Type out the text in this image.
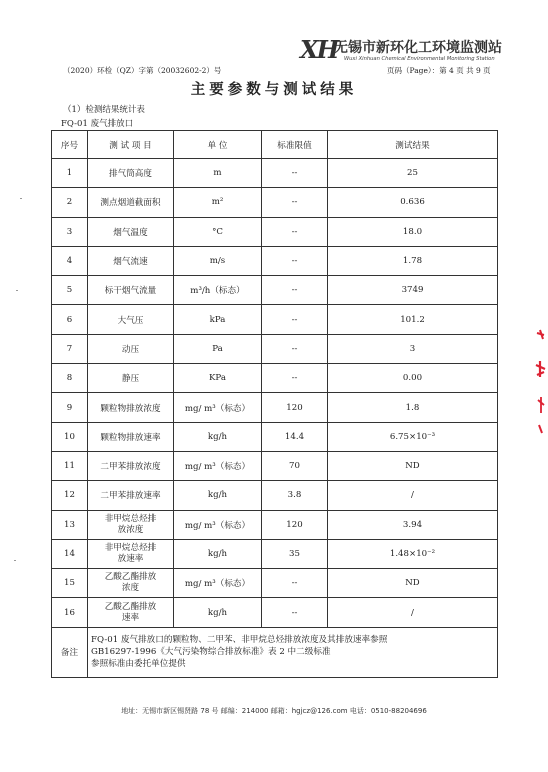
XH
无锡市新环化工环境监测站
Wuxi Xinhuan Chemical Environmental Monitoring Station
（2020）环检（QZ）字第（20032602-2）号	页码（Page）：第 4 页 共 9 页
主要参数与测试结果
（1）检测结果统计表
FQ-01 废气排放口
序号	测 试 项 目	单 位	标准限值	测试结果
1	排气筒高度	m	--	25
2	测点烟道截面积	m²	--	0.636
3	烟气温度	°C	--	18.0
4	烟气流速	m/s	--	1.78
5	标干烟气流量	m³/h（标态）	--	3749
6	大气压	kPa	--	101.2
7	动压	Pa	--	3
8	静压	KPa	--	0.00
9	颗粒物排放浓度	mg/ m³（标态）	120	1.8
10	颗粒物排放速率	kg/h	14.4	6.75×10⁻³
11	二甲苯排放浓度	mg/ m³（标态）	70	ND
12	二甲苯排放速率	kg/h	3.8	/
13	非甲烷总烃排放浓度	mg/ m³（标态）	120	3.94
14	非甲烷总烃排放速率	kg/h	35	1.48×10⁻²
15	乙酸乙酯排放浓度	mg/ m³（标态）	--	ND
16	乙酸乙酯排放速率	kg/h	--	/
备注	FQ-01 废气排放口的颗粒物、二甲苯、非甲烷总烃排放浓度及其排放速率参照
GB16297-1996《大气污染物综合排放标准》表 2 中二级标准
参照标准由委托单位提供			
地址：无锡市新区锡贤路 78 号 邮编：214000 邮箱：hgjcz@126.com 电话：0510-88204696
